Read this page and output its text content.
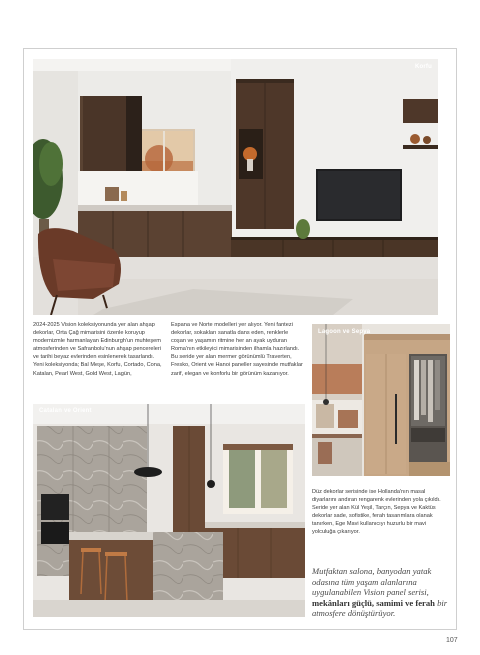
Korfu
Lagoon ve Sepya
Catalan ve Orient

2024-2025 Vision koleksiyonunda yer alan ahşap dekorlar, Orta Çağ mimarisini özenle koruyup modernizmle harmanlayan Edinburgh'un muhteşem atmosferinden ve Safranbolu'nun ahşap pencereleri ve tarihi beyaz evlerinden esinlenerek tasarlandı. Yeni koleksiyonda; Bal Meşe, Korfu, Cortado, Cona, Katalan, Pearl West, Gold West, Lagün,

Espana ve Norte modelleri yer alıyor. Yeni fantezi dekorlar, sokakları sanatla dans eden, renklerle coşan ve yaşamın ritmine her an ayak uyduran Roma'nın etkileyici mimarisinden ilhamla hazırlandı. Bu seride yer alan mermer görünümlü Traverten, Fresko, Orient ve Hanoi paneller sayesinde mutfaklar zarif, elegan ve konforlu bir görünüm kazanıyor.

Düz dekorlar serisinde ise Hollanda'nın masal diyarlarını andıran rengarenk evlerinden yola çıkıldı. Seride yer alan Kül Yeşil, Tarçın, Sepya ve Kaktüs dekorlar sade, sofistike, ferah tasarımlara olanak tanırken, Ege Mavi kullanıcıyı huzurlu bir mavi yolculuğa çıkarıyor.

Mutfaktan salona, banyodan yatak odasına tüm yaşam alanlarına uygulanabilen Vision panel serisi, mekânları güçlü, samimi ve ferah bir atmosfere dönüştürüyor.

107
